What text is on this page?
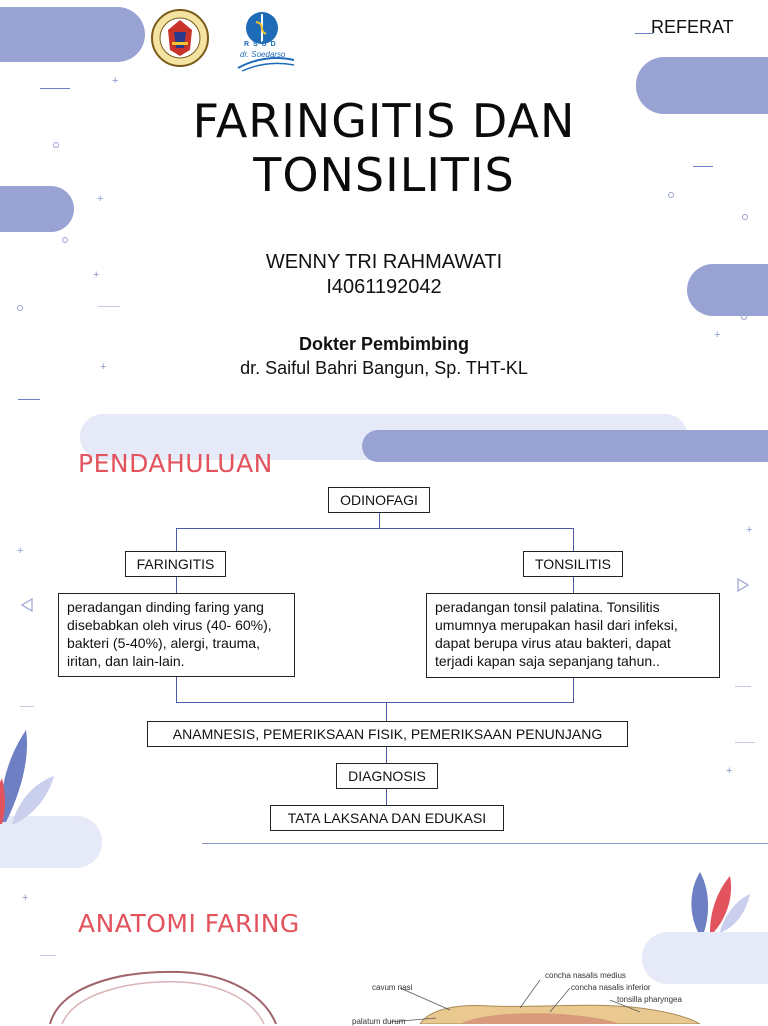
+
+
+
+
+
+
+
+
+
R S U D
dr. Soedarso
REFERAT
FARINGITIS DAN
TONSILITIS
WENNY TRI RAHMAWATI
I4061192042
Dokter Pembimbing
dr. Saiful Bahri Bangun, Sp. THT-KL
PENDAHULUAN
ODINOFAGI
FARINGITIS	TONSILITIS
peradangan dinding faring yang disebabkan oleh virus (40- 60%), bakteri (5-40%), alergi, trauma, iritan, dan lain-lain.
peradangan tonsil palatina. Tonsilitis umumnya merupakan hasil dari infeksi, dapat berupa virus atau bakteri, dapat terjadi kapan saja sepanjang tahun..
ANAMNESIS, PEMERIKSAAN FISIK, PEMERIKSAAN PENUNJANG
DIAGNOSIS
TATA LAKSANA DAN EDUKASI
ANATOMI FARING
cavum nasi
concha nasalis medius
concha nasalis inferior
tonsilla pharyngea
palatum durum
